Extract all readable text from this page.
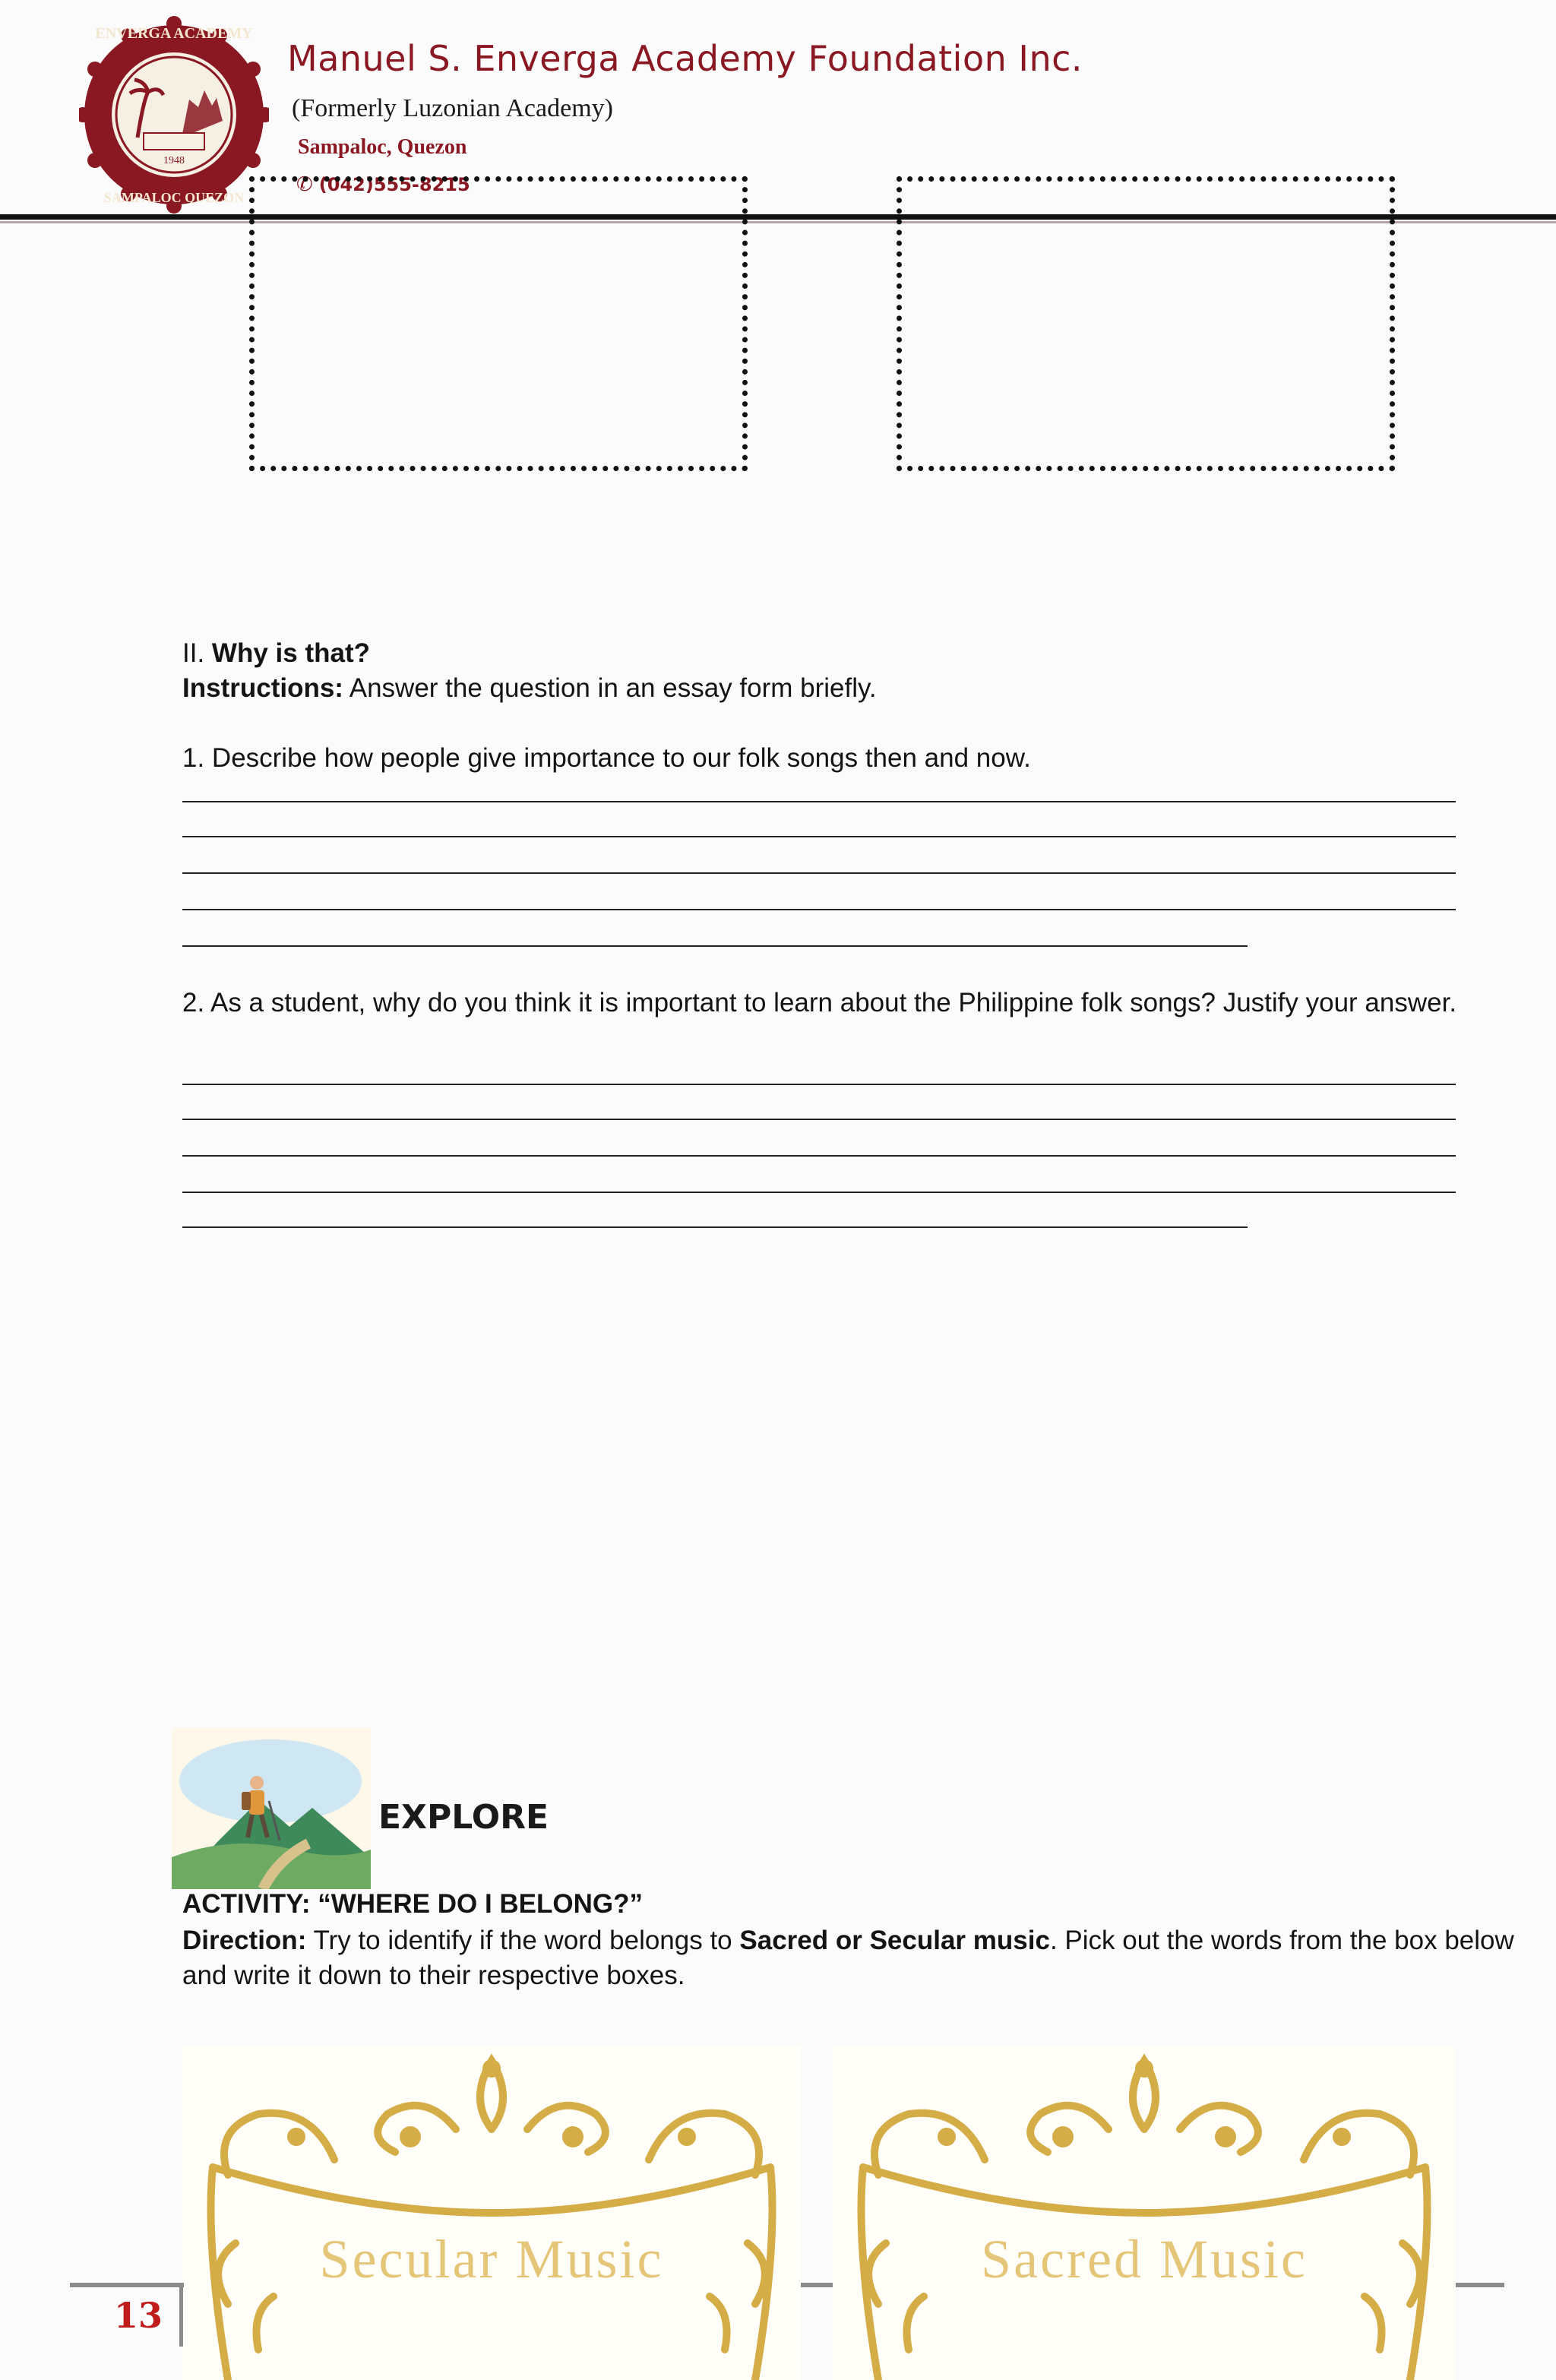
1948
ENVERGA ACADEMY
SAMPALOC QUEZON
Manuel S. Enverga Academy Foundation Inc.
(Formerly Luzonian Academy)
Sampaloc, Quezon
✆ (042)555-8215
II. Why is that?
Instructions: Answer the question in an essay form briefly.
1. Describe how people give importance to our folk songs then and now.
2. As a student, why do you think it is important to learn about the Philippine folk songs? Justify your answer.
EXPLORE
ACTIVITY: “WHERE DO I BELONG?”
Direction: Try to identify if the word belongs to Sacred or Secular music. Pick out the words from the box below
and write it down to their respective boxes.
Secular Music	Sacred Music
13
